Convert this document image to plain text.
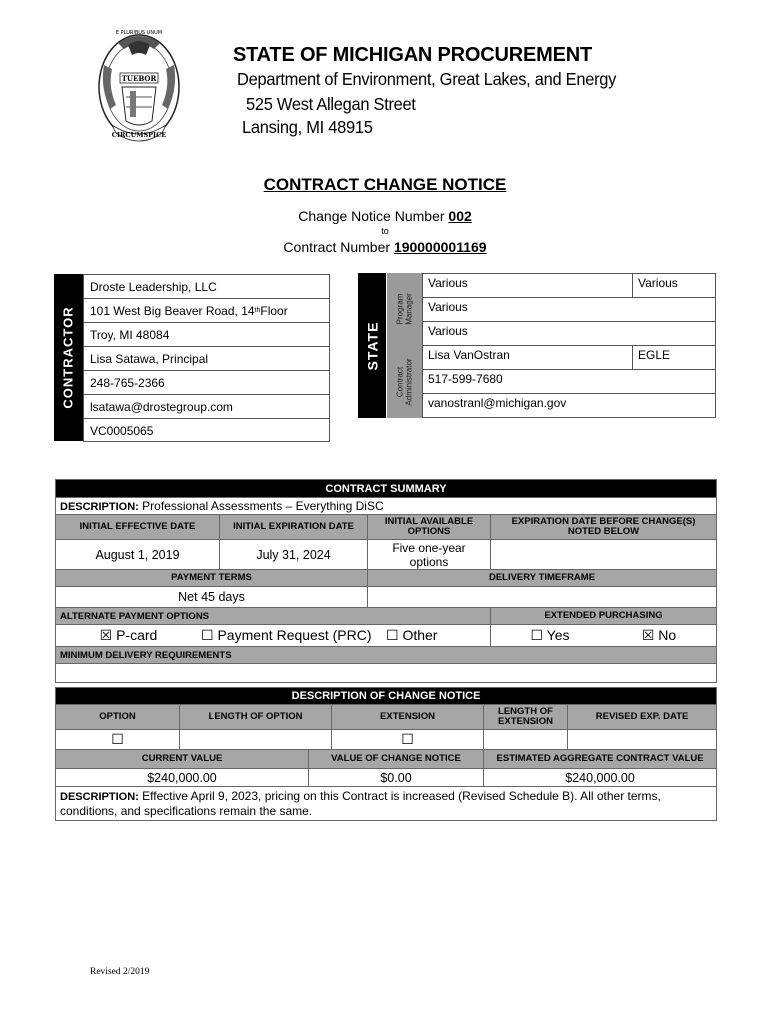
E PLURIBUS UNUM
TUEBOR
CIRCUMSPICE
STATE OF MICHIGAN PROCUREMENT
Department of Environment, Great Lakes, and Energy
525 West Allegan Street
Lansing, MI 48915
CONTRACT CHANGE NOTICE
Change Notice Number 002
to
Contract Number 190000001169
CONTRACTOR
Droste Leadership, LLC
101 West Big Beaver Road, 14 th Floor
Troy, MI 48084
Lisa Satawa, Principal
248-765-2366
lsatawa@drostegroup.com
VC0005065
STATE
Program Manager
Contract Administrator
Various	Various
Various
Various
Lisa VanOstran	EGLE
517-599-7680
vanostranl@michigan.gov
CONTRACT SUMMARY			
DESCRIPTION: Professional Assessments – Everything DiSC			
INITIAL EFFECTIVE DATE	INITIAL EXPIRATION DATE	INITIAL AVAILABLE OPTIONS	EXPIRATION DATE BEFORE CHANGE(S) NOTED BELOW
August 1, 2019	July 31, 2024	Five one-year options	
PAYMENT TERMS		DELIVERY TIMEFRAME	
Net 45 days			
ALTERNATE PAYMENT OPTIONS			EXTENDED PURCHASING

☒ P-card ☐ Payment Request (PRC) ☐ Other			☐ Yes ☒ No

MINIMUM DELIVERY REQUIREMENTS			

DESCRIPTION OF CHANGE NOTICE					
OPTION	LENGTH OF OPTION		EXTENSION	LENGTH OF EXTENSION	REVISED EXP. DATE
☐			☐		
CURRENT VALUE		VALUE OF CHANGE NOTICE		ESTIMATED AGGREGATE CONTRACT VALUE	
$240,000.00		$0.00		$240,000.00	
DESCRIPTION: Effective April 9, 2023, pricing on this Contract is increased (Revised Schedule B). All other terms, conditions, and specifications remain the same.					
Revised 2/2019
